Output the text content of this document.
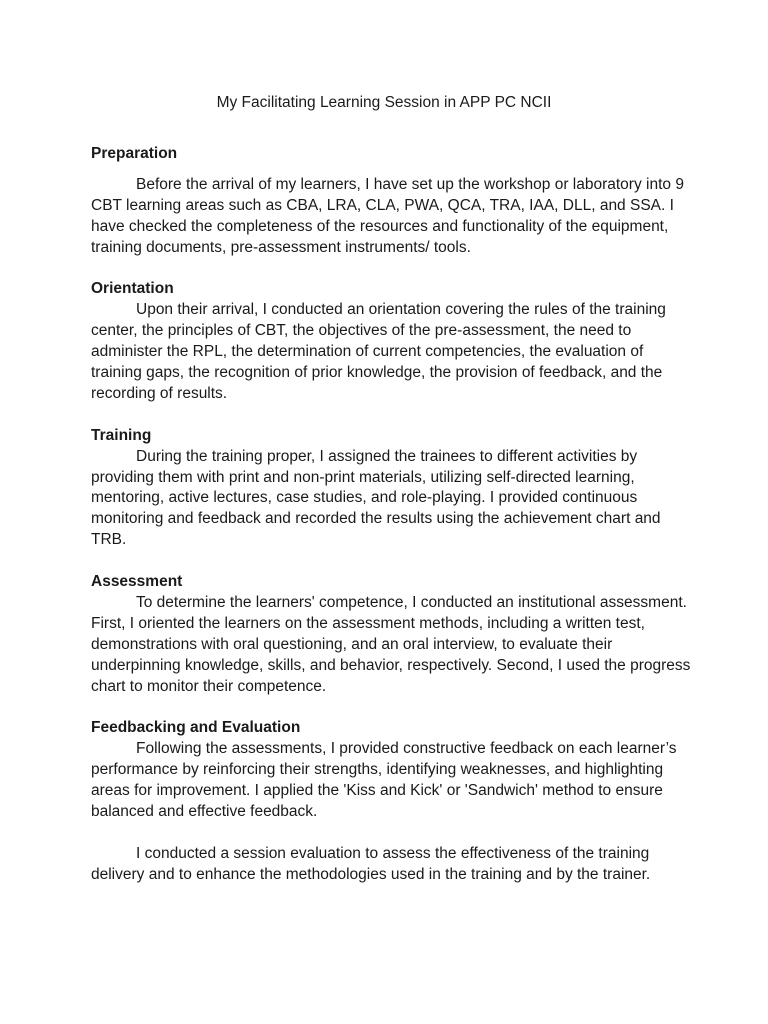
My Facilitating Learning Session in APP PC NCII
Preparation

Before the arrival of my learners, I have set up the workshop or laboratory into 9 CBT learning areas such as CBA, LRA, CLA, PWA, QCA, TRA, IAA, DLL, and SSA. I have checked the completeness of the resources and functionality of the equipment, training documents, pre-assessment instruments/ tools.

Orientation

Upon their arrival, I conducted an orientation covering the rules of the training center, the principles of CBT, the objectives of the pre-assessment, the need to administer the RPL, the determination of current competencies, the evaluation of training gaps, the recognition of prior knowledge, the provision of feedback, and the recording of results.

Training

During the training proper, I assigned the trainees to different activities by providing them with print and non-print materials, utilizing self-directed learning, mentoring, active lectures, case studies, and role-playing. I provided continuous monitoring and feedback and recorded the results using the achievement chart and TRB.

Assessment

To determine the learners' competence, I conducted an institutional assessment. First, I oriented the learners on the assessment methods, including a written test, demonstrations with oral questioning, and an oral interview, to evaluate their underpinning knowledge, skills, and behavior, respectively. Second, I used the progress chart to monitor their competence.

Feedbacking and Evaluation

Following the assessments, I provided constructive feedback on each learner’s performance by reinforcing their strengths, identifying weaknesses, and highlighting areas for improvement. I applied the 'Kiss and Kick' or 'Sandwich' method to ensure balanced and effective feedback.

I conducted a session evaluation to assess the effectiveness of the training delivery and to enhance the methodologies used in the training and by the trainer.
